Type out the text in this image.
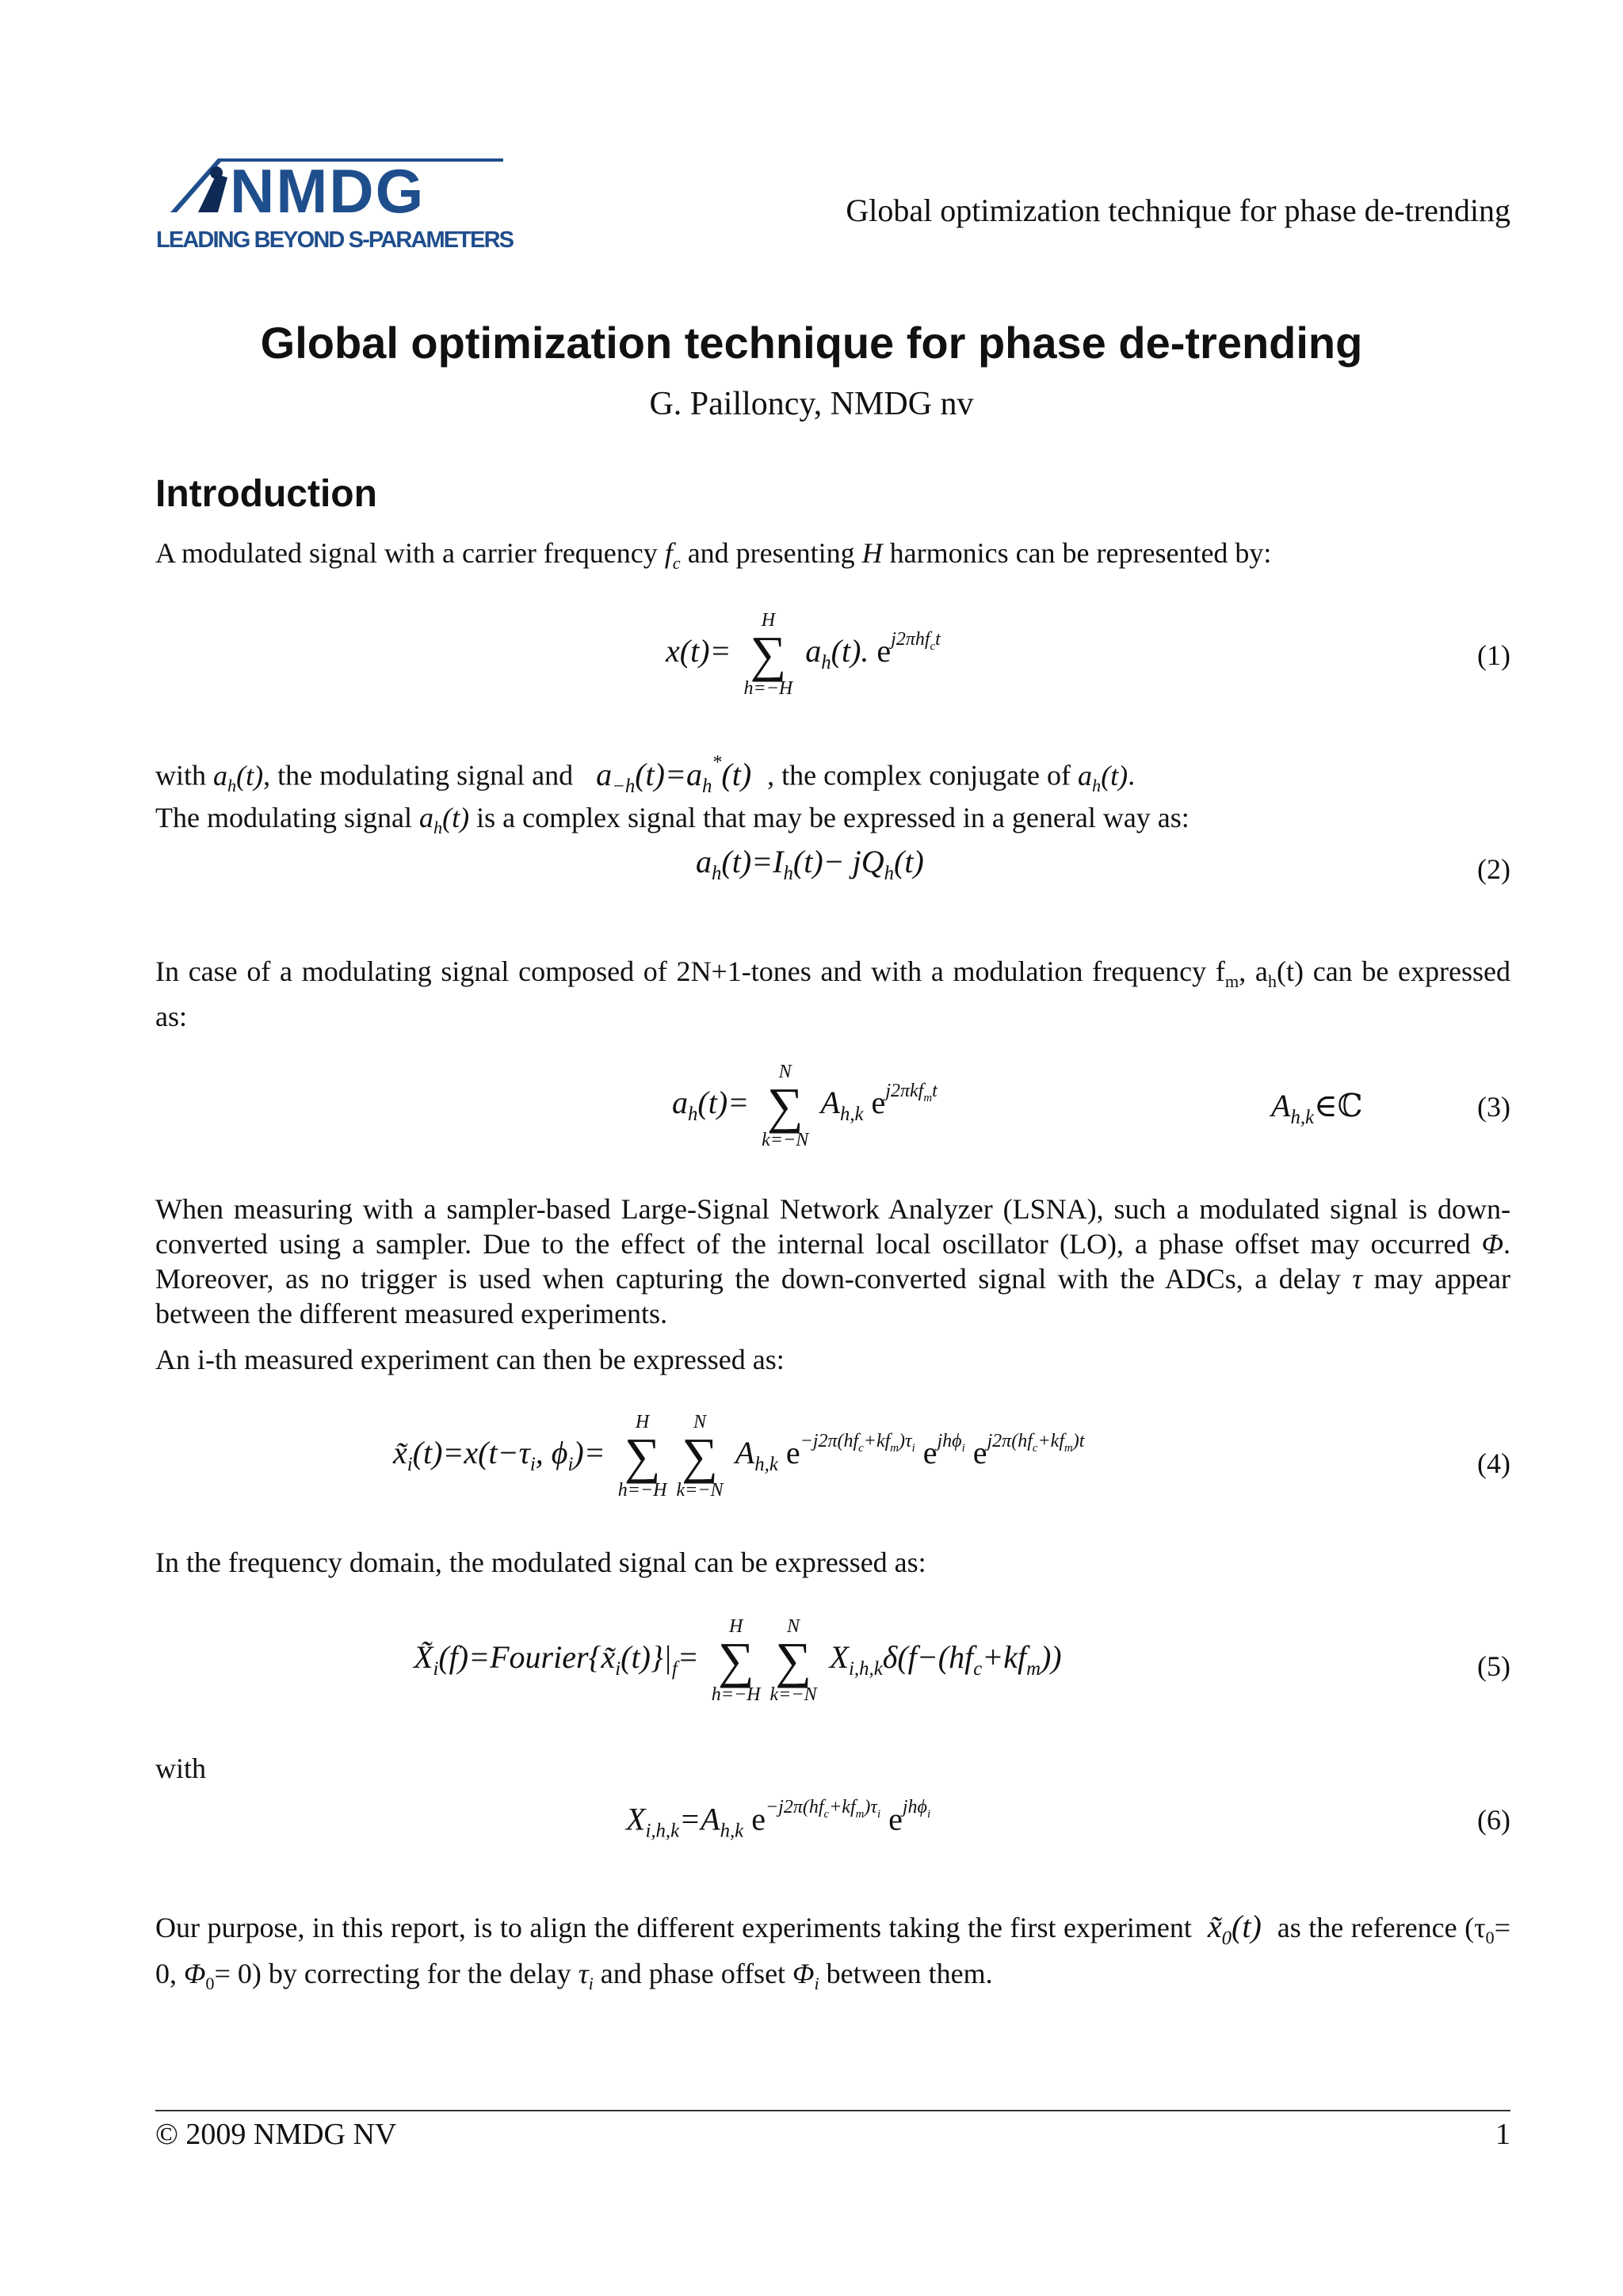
NMDG
LEADING BEYOND S-PARAMETERS
Global optimization technique for phase de-trending
Global optimization technique for phase de-trending
G. Paillоncy, NMDG nv
Introduction

A modulated signal with a carrier frequency $f_c$ and presenting H harmonics can be represented by:

x(t)=
H
∑
h=−H
$a_h(t)$. $e^{j2\pi hf_ct}$
(1)

with $a_h(t)$, the modulating signal and   $a_{-h}(t)=a_h^*(t)$  , the complex conjugate of $a_h(t)$.

The modulating signal $a_h(t)$ is a complex signal that may be expressed in a general way as:

$a_h(t)=I_h(t)- jQ_h(t)$	(2)

In case of a modulating signal composed of 2N+1-tones and with a modulation frequency $f_m$, $a_h(t)$ can be expressed as:

$a_h(t)=$
N
∑
k=−N
$A_{h,k}$ $e^{j2\pi kf_mt}$	$A_{h,k}\in ℂ$	(3)

When measuring with a sampler-based Large-Signal Network Analyzer (LSNA), such a modulated signal is down-converted using a sampler. Due to the effect of the internal local oscillator (LO), a phase offset may occurred Φ. Moreover, as no trigger is used when capturing the down-converted signal with the ADCs, a delay τ may appear between the different measured experiments.

An i-th measured experiment can then be expressed as:

$x̃_i(t)=x(t-\tau_i$, $\phi_i)=$
H
∑
h=−H
N
∑
k=−N
$A_{h,k}$ $e^{-j2\pi(hf_c+kf_m)\tau_i}$ $e^{jh\phi_i}$ $e^{j2\pi(hf_c+kf_m)t}$
(4)

In the frequency domain, the modulated signal can be expressed as:

$X̃_i(f)=Fourier\{x̃_i(t)\}|_f=$
H
∑
h=−H
N
∑
k=−N
$X_{i,h,k}\delta(f-(hf_c+kf_m))$	(5)

with

$X_{i,h,k}=A_{h,k}$ $e^{-j2\pi(hf_c+kf_m)\tau_i}$ $e^{jh\phi_i}$	(6)

Our purpose, in this report, is to align the different experiments taking the first experiment  $x̃_0(t)$  as the reference ($\tau_0= 0$, $\Phi_0= 0$) by correcting for the delay $\tau_i$ and phase offset $\Phi_i$ between them.

© 2009 NMDG NV	1
